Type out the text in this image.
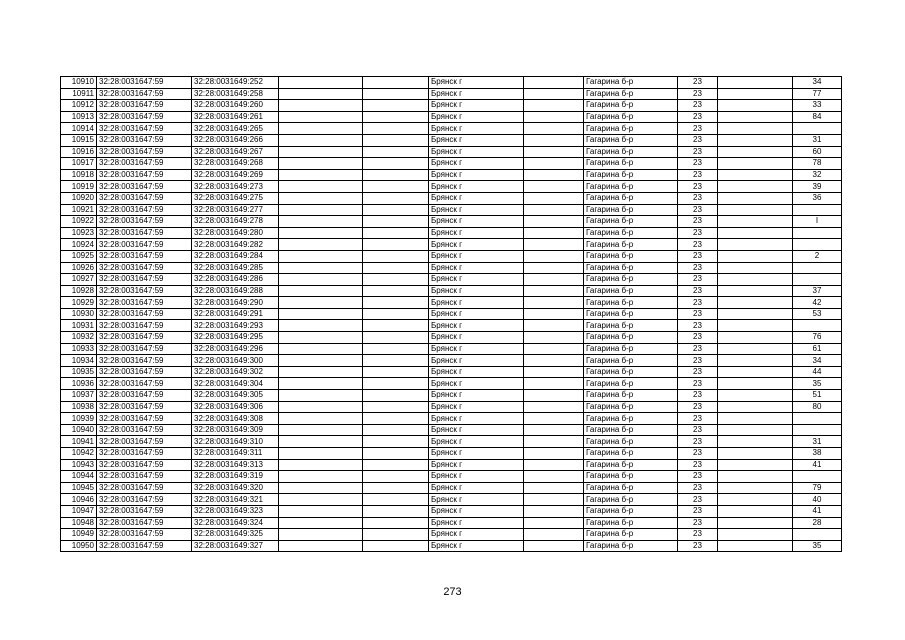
10910	32:28:0031647:59	32:28:0031649:252			Брянск г		Гагарина б-р	23		34
10911	32:28:0031647:59	32:28:0031649:258			Брянск г		Гагарина б-р	23		77
10912	32:28:0031647:59	32:28:0031649:260			Брянск г		Гагарина б-р	23		33
10913	32:28:0031647:59	32:28:0031649:261			Брянск г		Гагарина б-р	23		84
10914	32:28:0031647:59	32:28:0031649:265			Брянск г		Гагарина б-р	23		
10915	32:28:0031647:59	32:28:0031649:266			Брянск г		Гагарина б-р	23		31
10916	32:28:0031647:59	32:28:0031649:267			Брянск г		Гагарина б-р	23		60
10917	32:28:0031647:59	32:28:0031649:268			Брянск г		Гагарина б-р	23		78
10918	32:28:0031647:59	32:28:0031649:269			Брянск г		Гагарина б-р	23		32
10919	32:28:0031647:59	32:28:0031649:273			Брянск г		Гагарина б-р	23		39
10920	32:28:0031647:59	32:28:0031649:275			Брянск г		Гагарина б-р	23		36
10921	32:28:0031647:59	32:28:0031649:277			Брянск г		Гагарина б-р	23		
10922	32:28:0031647:59	32:28:0031649:278			Брянск г		Гагарина б-р	23		I
10923	32:28:0031647:59	32:28:0031649:280			Брянск г		Гагарина б-р	23		
10924	32:28:0031647:59	32:28:0031649:282			Брянск г		Гагарина б-р	23		
10925	32:28:0031647:59	32:28:0031649:284			Брянск г		Гагарина б-р	23		2
10926	32:28:0031647:59	32:28:0031649:285			Брянск г		Гагарина б-р	23		
10927	32:28:0031647:59	32:28:0031649:286			Брянск г		Гагарина б-р	23		
10928	32:28:0031647:59	32:28:0031649:288			Брянск г		Гагарина б-р	23		37
10929	32:28:0031647:59	32:28:0031649:290			Брянск г		Гагарина б-р	23		42
10930	32:28:0031647:59	32:28:0031649:291			Брянск г		Гагарина б-р	23		53
10931	32:28:0031647:59	32:28:0031649:293			Брянск г		Гагарина б-р	23		
10932	32:28:0031647:59	32:28:0031649:295			Брянск г		Гагарина б-р	23		76
10933	32:28:0031647:59	32:28:0031649:296			Брянск г		Гагарина б-р	23		61
10934	32:28:0031647:59	32:28:0031649:300			Брянск г		Гагарина б-р	23		34
10935	32:28:0031647:59	32:28:0031649:302			Брянск г		Гагарина б-р	23		44
10936	32:28:0031647:59	32:28:0031649:304			Брянск г		Гагарина б-р	23		35
10937	32:28:0031647:59	32:28:0031649:305			Брянск г		Гагарина б-р	23		51
10938	32:28:0031647:59	32:28:0031649:306			Брянск г		Гагарина б-р	23		80
10939	32:28:0031647:59	32:28:0031649:308			Брянск г		Гагарина б-р	23		
10940	32:28:0031647:59	32:28:0031649:309			Брянск г		Гагарина б-р	23		
10941	32:28:0031647:59	32:28:0031649:310			Брянск г		Гагарина б-р	23		31
10942	32:28:0031647:59	32:28:0031649:311			Брянск г		Гагарина б-р	23		38
10943	32:28:0031647:59	32:28:0031649:313			Брянск г		Гагарина б-р	23		41
10944	32:28:0031647:59	32:28:0031649:319			Брянск г		Гагарина б-р	23		
10945	32:28:0031647:59	32:28:0031649:320			Брянск г		Гагарина б-р	23		79
10946	32:28:0031647:59	32:28:0031649:321			Брянск г		Гагарина б-р	23		40
10947	32:28:0031647:59	32:28:0031649:323			Брянск г		Гагарина б-р	23		41
10948	32:28:0031647:59	32:28:0031649:324			Брянск г		Гагарина б-р	23		28
10949	32:28:0031647:59	32:28:0031649:325			Брянск г		Гагарина б-р	23		
10950	32:28:0031647:59	32:28:0031649:327			Брянск г		Гагарина б-р	23		35
273
